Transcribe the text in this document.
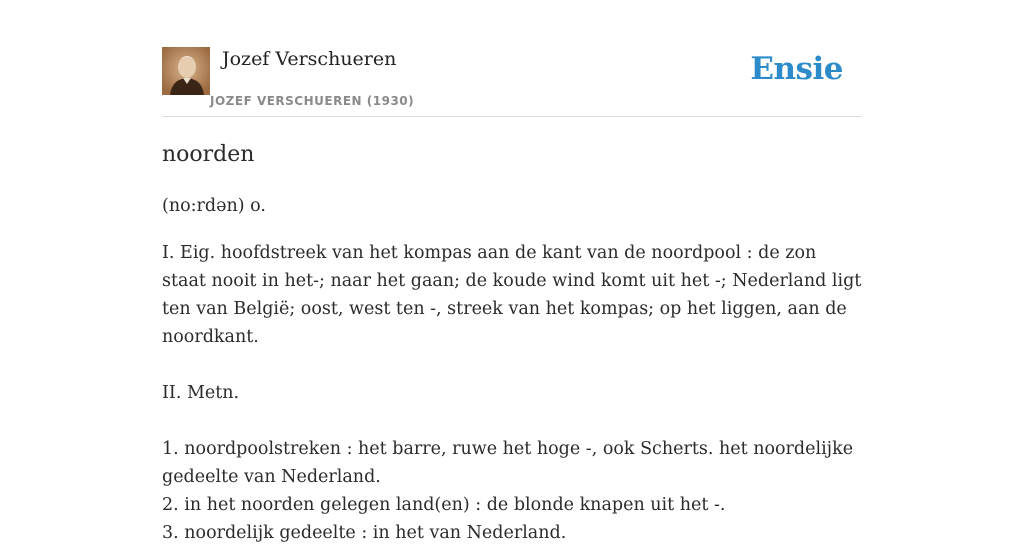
Jozef Verschueren
JOZEF VERSCHUEREN (1930)
Ensie
noorden
(no:rdən) o.

I. Eig. hoofdstreek van het kompas aan de kant van de noordpool : de zon staat nooit in het-; naar het gaan; de koude wind komt uit het -; Nederland ligt ten van België; oost, west ten -, streek van het kompas; op het liggen, aan de noordkant.

II. Metn.

1. noordpoolstreken : het barre, ruwe het hoge -, ook Scherts. het noordelijke gedeelte van Nederland.

2. in het noorden gelegen land(en) : de blonde knapen uit het -.

3. noordelijk gedeelte : in het van Nederland.
